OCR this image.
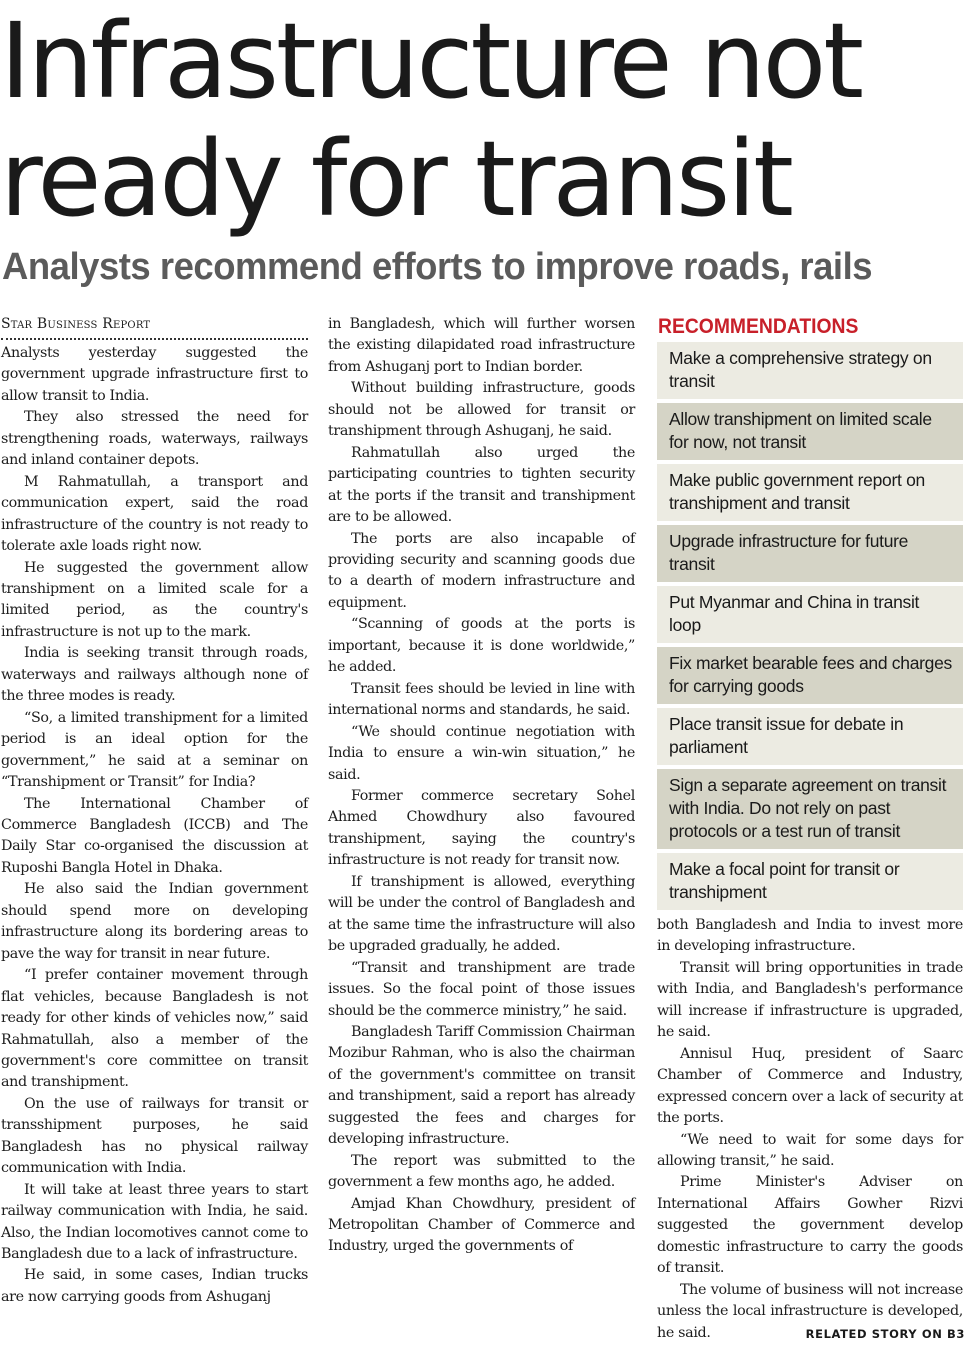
Infrastructure not
ready for transit
Analysts recommend efforts to improve roads, rails
Star Business Report

Analysts yesterday suggested the government upgrade infrastructure first to allow transit to India.

They also stressed the need for strengthening roads, waterways, railways and inland container depots.

M Rahmatullah, a transport and communication expert, said the road infrastructure of the country is not ready to tolerate axle loads right now.

He suggested the government allow transhipment on a limited scale for a limited period, as the country's infrastructure is not up to the mark.

India is seeking transit through roads, waterways and railways although none of the three modes is ready.

“So, a limited transhipment for a limited period is an ideal option for the government,” he said at a seminar on “Transhipment or Transit” for India?

The International Chamber of Commerce Bangladesh (ICCB) and The Daily Star co-organised the discussion at Ruposhi Bangla Hotel in Dhaka.

He also said the Indian government should spend more on developing infrastructure along its bordering areas to pave the way for transit in near future.

“I prefer container movement through flat vehicles, because Bangladesh is not ready for other kinds of vehicles now,” said Rahmatullah, also a member of the government's core committee on transit and transhipment.

On the use of railways for transit or transshipment purposes, he said Bangladesh has no physical railway communication with India.

It will take at least three years to start railway communication with India, he said. Also, the Indian locomotives cannot come to Bangladesh due to a lack of infrastructure.

He said, in some cases, Indian trucks are now carrying goods from Ashuganj

in Bangladesh, which will further worsen the existing dilapidated road infrastructure from Ashuganj port to Indian border.

Without building infrastructure, goods should not be allowed for transit or transhipment through Ashuganj, he said.

Rahmatullah also urged the participating countries to tighten security at the ports if the transit and transhipment are to be allowed.

The ports are also incapable of providing security and scanning goods due to a dearth of modern infrastructure and equipment.

“Scanning of goods at the ports is important, because it is done worldwide,” he added.

Transit fees should be levied in line with international norms and standards, he said.

“We should continue negotiation with India to ensure a win-win situation,” he said.

Former commerce secretary Sohel Ahmed Chowdhury also favoured transhipment, saying the country's infrastructure is not ready for transit now.

If transhipment is allowed, everything will be under the control of Bangladesh and at the same time the infrastructure will also be upgraded gradually, he added.

“Transit and transhipment are trade issues. So the focal point of those issues should be the commerce ministry,” he said.

Bangladesh Tariff Commission Chairman Mozibur Rahman, who is also the chairman of the government's committee on transit and transhipment, said a report has already suggested the fees and charges for developing infrastructure.

The report was submitted to the government a few months ago, he added.

Amjad Khan Chowdhury, president of Metropolitan Chamber of Commerce and Industry, urged the governments of

RECOMMENDATIONS
Make a comprehensive strategy on transit
Allow transhipment on limited scale for now, not transit
Make public government report on transhipment and transit
Upgrade infrastructure for future transit
Put Myanmar and China in transit loop
Fix market bearable fees and charges for carrying goods
Place transit issue for debate in parliament
Sign a separate agreement on transit with India. Do not rely on past protocols or a test run of transit
Make a focal point for transit or transhipment

both Bangladesh and India to invest more in developing infrastructure.

Transit will bring opportunities in trade with India, and Bangladesh's performance will increase if infrastructure is upgraded, he said.

Annisul Huq, president of Saarc Chamber of Commerce and Industry, expressed concern over a lack of security at the ports.

“We need to wait for some days for allowing transit,” he said.

Prime Minister's Adviser on International Affairs Gowher Rizvi suggested the government develop domestic infrastructure to carry the goods of transit.

The volume of business will not increase unless the local infrastructure is developed, he said.	RELATED STORY ON B3
